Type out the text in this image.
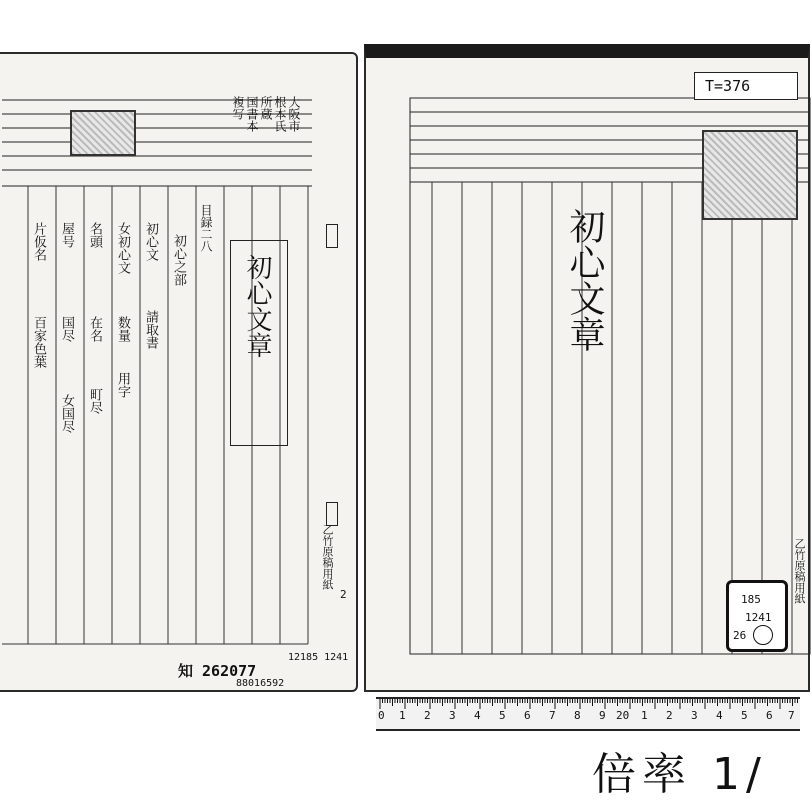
大阪市
根本氏
所蔵
国書本
複写
目録二八
初心文章
初心之部
初心文
請取書
女初心文
数量
用字
名頭
在名
町尽
屋号
国尽
女国尽
片仮名
百家色葉
乙竹原稿用紙
2
知 262077
88016592
12185 1241
T=376
初心文章
185
1241
26
乙竹原稿用紙
0 1 2 3 4 5 6 7 8 9 20 1 2 3 4 5 6 7
倍率 1/
